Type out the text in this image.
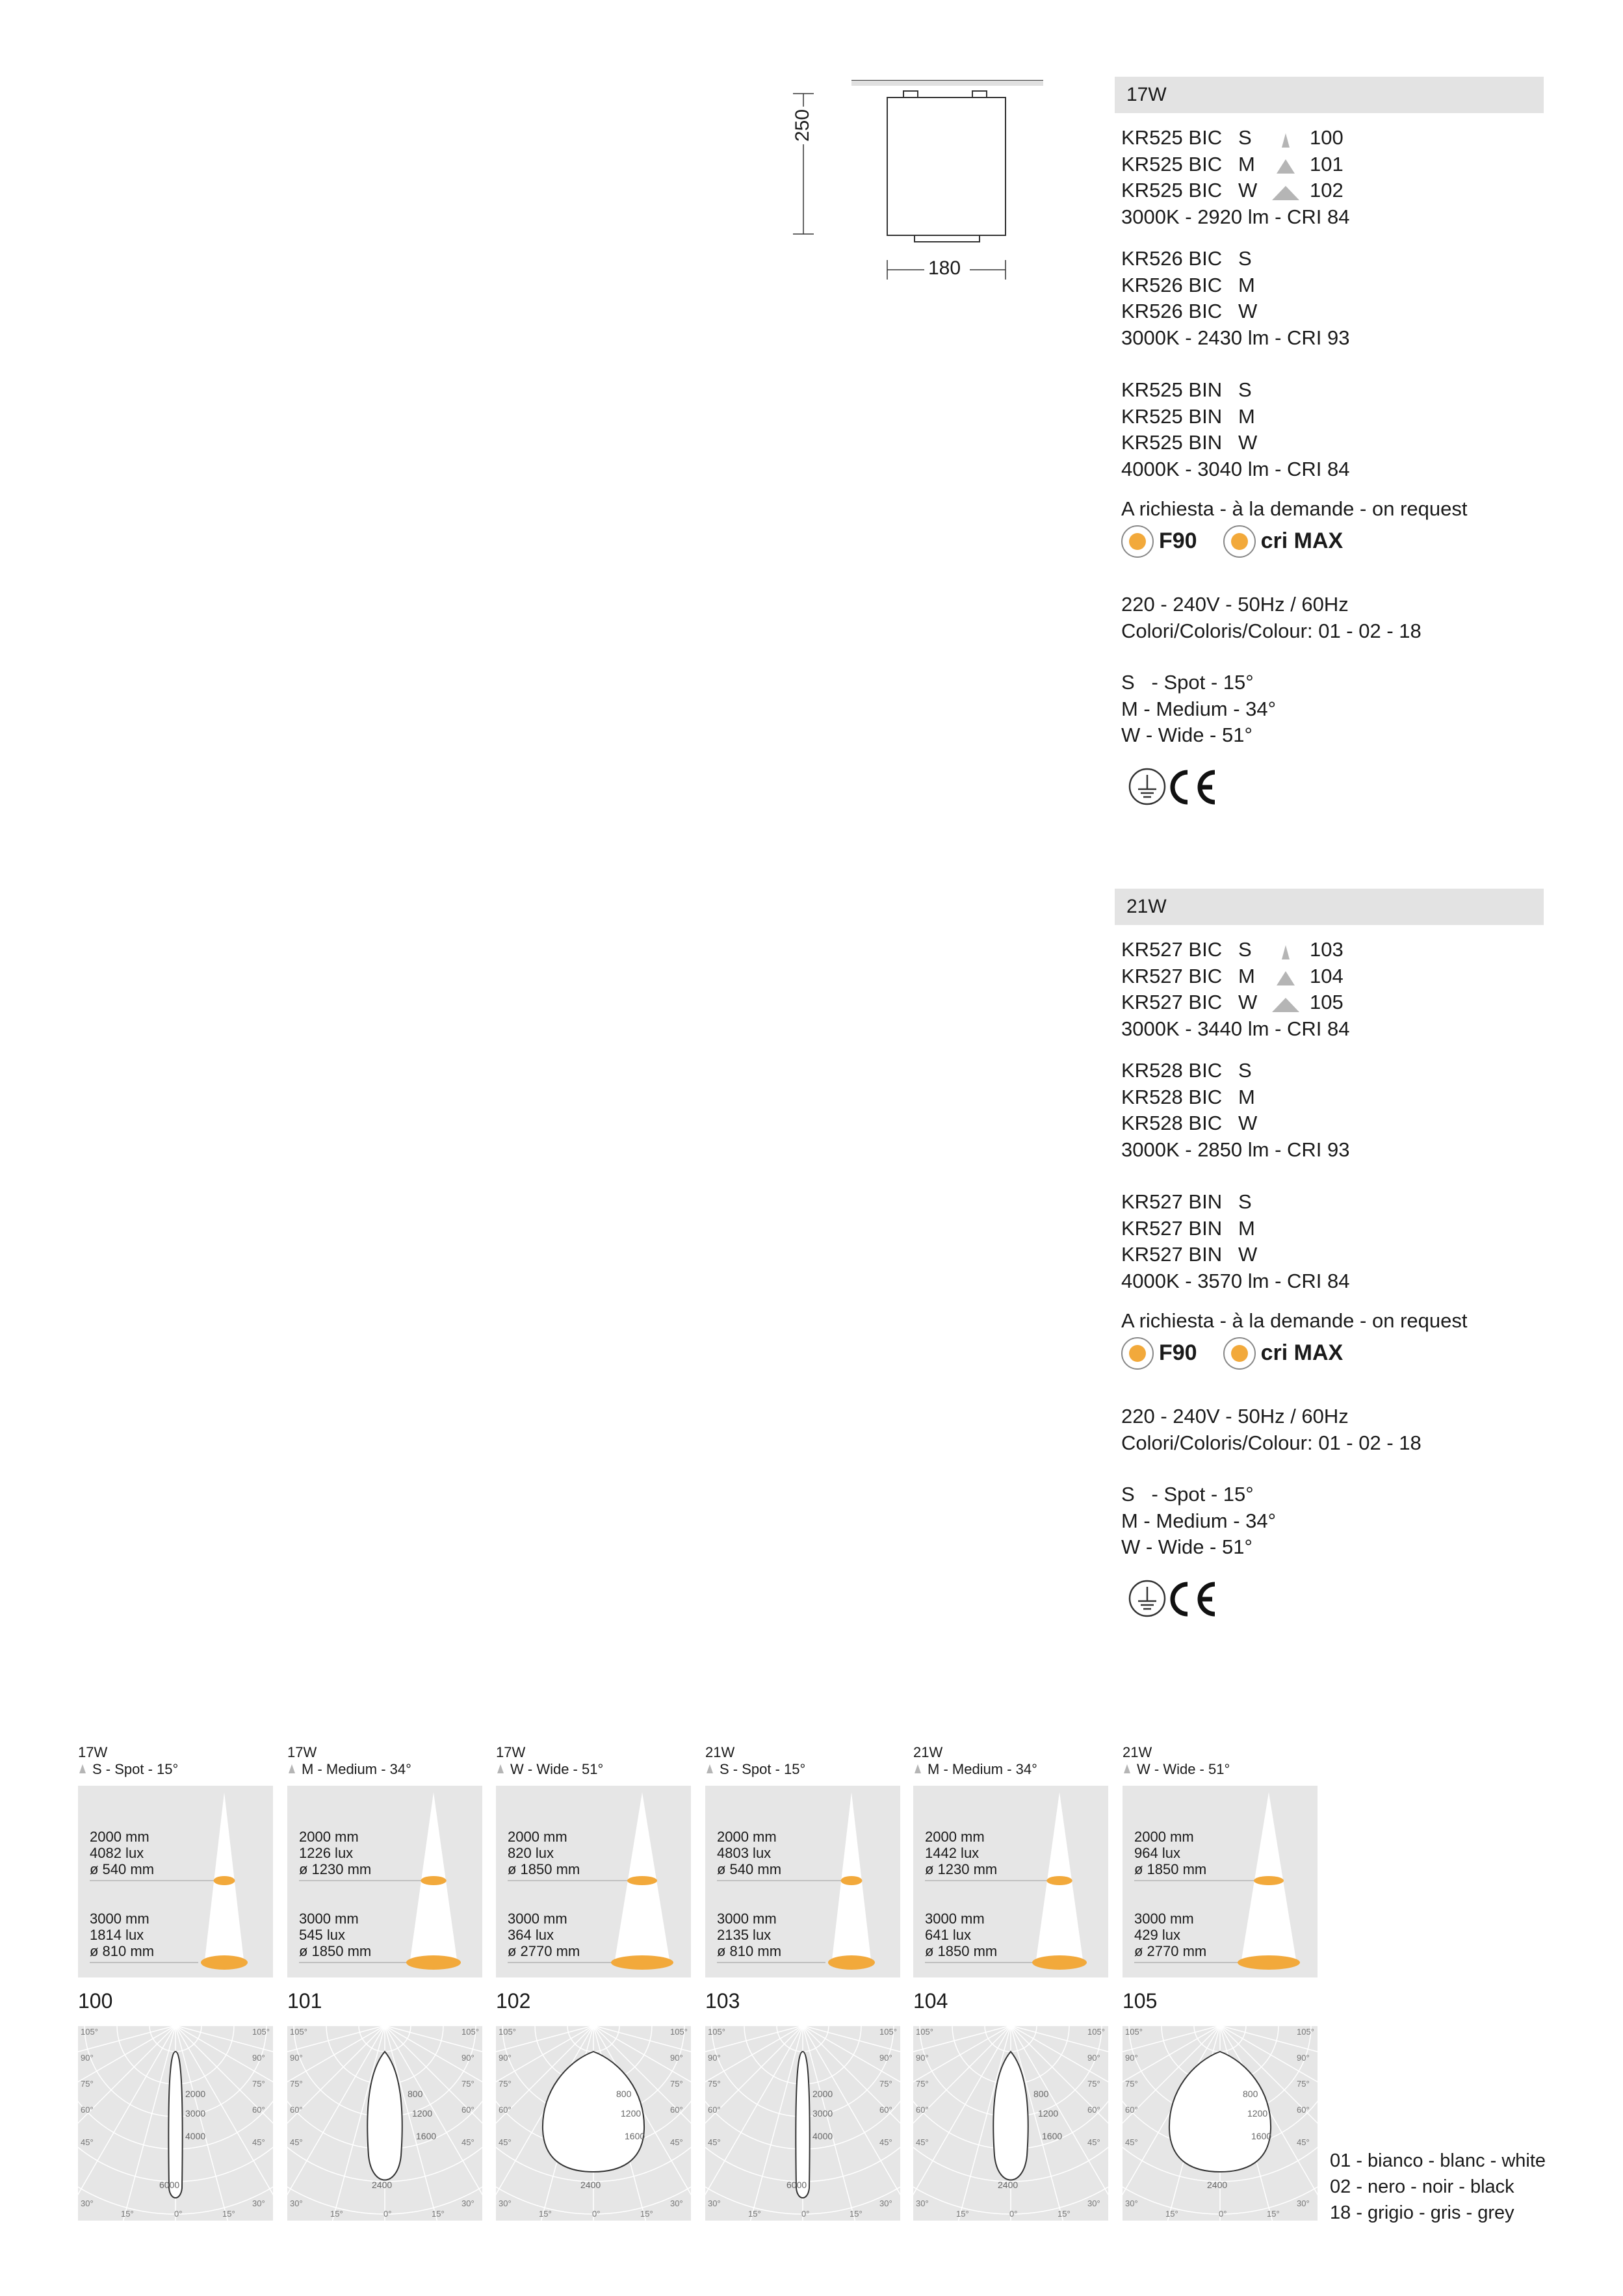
250
180
17W
KR525 BIC S	100
KR525 BIC M	101
KR525 BIC W	102
3000K - 2920 lm - CRI 84
KR526 BIC S
KR526 BIC M
KR526 BIC W
3000K - 2430 lm - CRI 93
KR525 BIN S
KR525 BIN M
KR525 BIN W
4000K - 3040 lm - CRI 84
A richiesta - à la demande - on request
F90	cri MAX
220 - 240V - 50Hz / 60Hz
Colori/Coloris/Colour: 01 - 02 - 18
S   - Spot - 15°
M - Medium - 34°
W - Wide - 51°
21W
KR527 BIC S	103
KR527 BIC M	104
KR527 BIC W	105
3000K - 3440 lm - CRI 84
KR528 BIC S
KR528 BIC M
KR528 BIC W
3000K - 2850 lm - CRI 93
KR527 BIN S
KR527 BIN M
KR527 BIN W
4000K - 3570 lm - CRI 84
A richiesta - à la demande - on request
F90	cri MAX
220 - 240V - 50Hz / 60Hz
Colori/Coloris/Colour: 01 - 02 - 18
S   - Spot - 15°
M - Medium - 34°
W - Wide - 51°
17W
S - Spot - 15°
2000 mm
4082 lux
ø 540 mm
3000 mm
1814 lux
ø 810 mm
100
2000
3000
4000
6000
105°	105°
90°	90°
75°	75°
60°	60°
45°	45°
30°	30°
15°	0°	15°
17W
M - Medium - 34°
2000 mm
1226 lux
ø 1230 mm
3000 mm
545 lux
ø 1850 mm
101
800
1200
1600
2400
105°	105°
90°	90°
75°	75°
60°	60°
45°	45°
30°	30°
15°	0°	15°
17W
W - Wide - 51°
2000 mm
820 lux
ø 1850 mm
3000 mm
364 lux
ø 2770 mm
102
800
1200
1600
2400
105°	105°
90°	90°
75°	75°
60°	60°
45°	45°
30°	30°
15°	0°	15°
21W
S - Spot - 15°
2000 mm
4803 lux
ø 540 mm
3000 mm
2135 lux
ø 810 mm
103
2000
3000
4000
6000
105°	105°
90°	90°
75°	75°
60°	60°
45°	45°
30°	30°
15°	0°	15°
21W
M - Medium - 34°
2000 mm
1442 lux
ø 1230 mm
3000 mm
641 lux
ø 1850 mm
104
800
1200
1600
2400
105°	105°
90°	90°
75°	75°
60°	60°
45°	45°
30°	30°
15°	0°	15°
21W
W - Wide - 51°
2000 mm
964 lux
ø 1850 mm
3000 mm
429 lux
ø 2770 mm
105
800
1200
1600
2400
105°	105°
90°	90°
75°	75°
60°	60°
45°	45°
30°	30°
15°	0°	15°
01 - bianco - blanc - white
02 - nero - noir - black
18 - grigio - gris - grey
